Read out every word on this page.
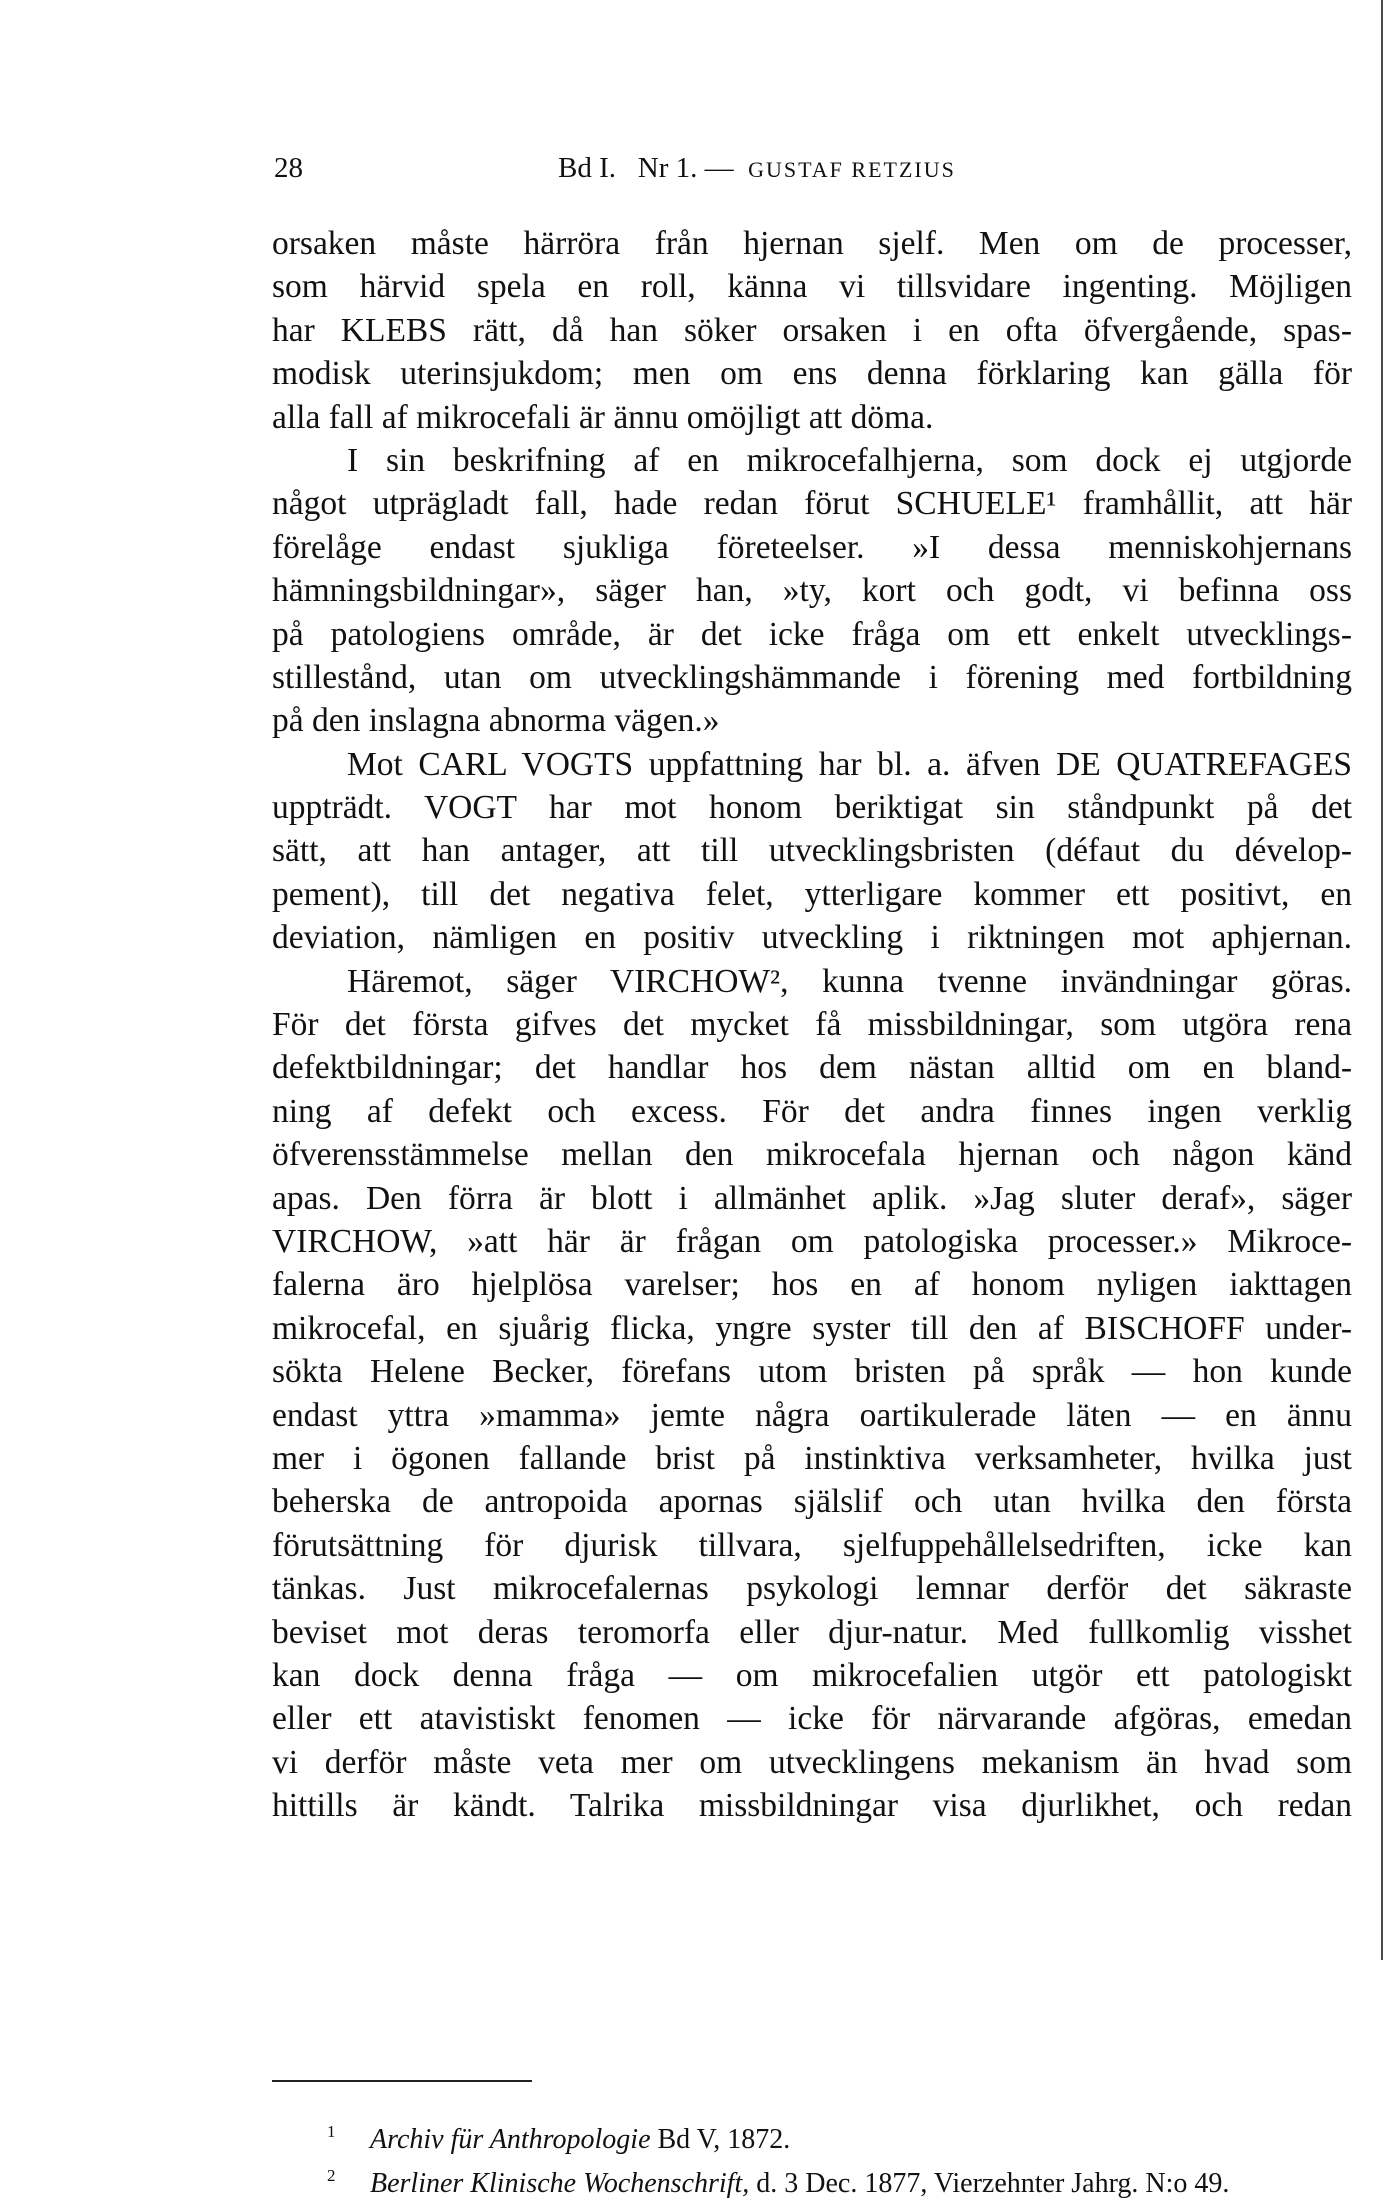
28	Bd I. Nr 1. — GUSTAF RETZIUS
orsaken måste härröra från hjernan sjelf. Men om de processer,
som härvid spela en roll, känna vi tillsvidare ingenting. Möjligen
har KLEBS rätt, då han söker orsaken i en ofta öfvergående, spas-
modisk uterinsjukdom; men om ens denna förklaring kan gälla för
alla fall af mikrocefali är ännu omöjligt att döma.
I sin beskrifning af en mikrocefalhjerna, som dock ej utgjorde
något utprägladt fall, hade redan förut SCHUELE¹ framhållit, att här
förelåge endast sjukliga företeelser. »I dessa menniskohjernans
hämningsbildningar», säger han, »ty, kort och godt, vi befinna oss
på patologiens område, är det icke fråga om ett enkelt utvecklings-
stillestånd, utan om utvecklingshämmande i förening med fortbildning
på den inslagna abnorma vägen.»
Mot CARL VOGTS uppfattning har bl. a. äfven DE QUATREFAGES
uppträdt. VOGT har mot honom beriktigat sin ståndpunkt på det
sätt, att han antager, att till utvecklingsbristen (défaut du dévelop-
pement), till det negativa felet, ytterligare kommer ett positivt, en
deviation, nämligen en positiv utveckling i riktningen mot aphjernan.
Häremot, säger VIRCHOW², kunna tvenne invändningar göras.
För det första gifves det mycket få missbildningar, som utgöra rena
defektbildningar; det handlar hos dem nästan alltid om en bland-
ning af defekt och excess. För det andra finnes ingen verklig
öfverensstämmelse mellan den mikrocefala hjernan och någon känd
apas. Den förra är blott i allmänhet aplik. »Jag sluter deraf», säger
VIRCHOW, »att här är frågan om patologiska processer.» Mikroce-
falerna äro hjelplösa varelser; hos en af honom nyligen iakttagen
mikrocefal, en sjuårig flicka, yngre syster till den af BISCHOFF under-
sökta Helene Becker, förefans utom bristen på språk — hon kunde
endast yttra »mamma» jemte några oartikulerade läten — en ännu
mer i ögonen fallande brist på instinktiva verksamheter, hvilka just
beherska de antropoida apornas själslif och utan hvilka den första
förutsättning för djurisk tillvara, sjelfuppehållelsedriften, icke kan
tänkas. Just mikrocefalernas psykologi lemnar derför det säkraste
beviset mot deras teromorfa eller djur-natur. Med fullkomlig visshet
kan dock denna fråga — om mikrocefalien utgör ett patologiskt
eller ett atavistiskt fenomen — icke för närvarande afgöras, emedan
vi derför måste veta mer om utvecklingens mekanism än hvad som
hittills är kändt. Talrika missbildningar visa djurlikhet, och redan
1 Archiv für Anthropologie Bd V, 1872.
2 Berliner Klinische Wochenschrift, d. 3 Dec. 1877, Vierzehnter Jahrg. N:o 49.
